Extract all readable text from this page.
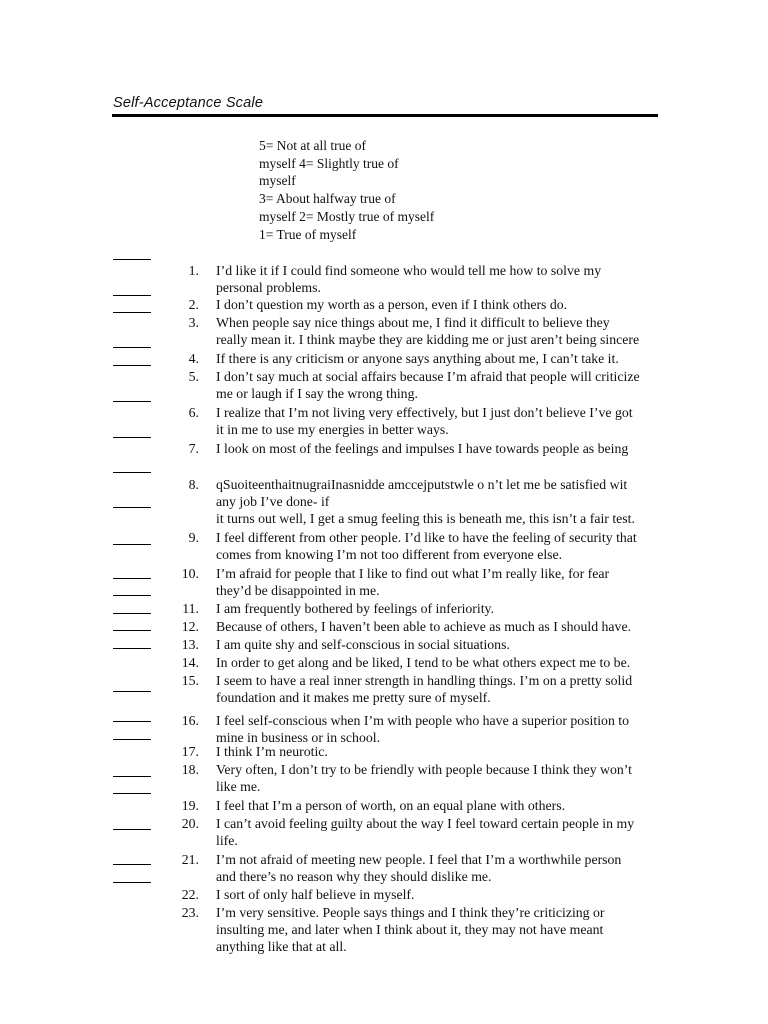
Self-Acceptance Scale
5= Not at all true of
myself 4= Slightly true of
myself
3= About halfway true of
myself 2= Mostly true of myself
1= True of myself
1. I’d like it if I could find someone who would tell me how to solve my
personal problems.
2. I don’t question my worth as a person, even if I think others do.
3. When people say nice things about me, I find it difficult to believe they
really mean it. I think maybe they are kidding me or just aren’t being sincere
4. If there is any criticism or anyone says anything about me, I can’t take it.
5. I don’t say much at social affairs because I’m afraid that people will criticize
me or laugh if I say the wrong thing.
6. I realize that I’m not living very effectively, but I just don’t believe I’ve got
it in me to use my energies in better ways.
7. I look on most of the feelings and impulses I have towards people as being
8. qSuoiteenthaitnugraiInasnidde amccejputstwle o n’t let me be satisfied wit
any job I’ve done- if
it turns out well, I get a smug feeling this is beneath me, this isn’t a fair test.
9. I feel different from other people. I’d like to have the feeling of security that
comes from knowing I’m not too different from everyone else.
10. I’m afraid for people that I like to find out what I’m really like, for fear
they’d be disappointed in me.
11. I am frequently bothered by feelings of inferiority.
12. Because of others, I haven’t been able to achieve as much as I should have.
13. I am quite shy and self-conscious in social situations.
14. In order to get along and be liked, I tend to be what others expect me to be.
15. I seem to have a real inner strength in handling things. I’m on a pretty solid
foundation and it makes me pretty sure of myself.
16. I feel self-conscious when I’m with people who have a superior position to
mine in business or in school.
17. I think I’m neurotic.
18. Very often, I don’t try to be friendly with people because I think they won’t
like me.
19. I feel that I’m a person of worth, on an equal plane with others.
20. I can’t avoid feeling guilty about the way I feel toward certain people in my
life.
21. I’m not afraid of meeting new people. I feel that I’m a worthwhile person
and there’s no reason why they should dislike me.
22. I sort of only half believe in myself.
23. I’m very sensitive. People says things and I think they’re criticizing or
insulting me, and later when I think about it, they may not have meant
anything like that at all.
